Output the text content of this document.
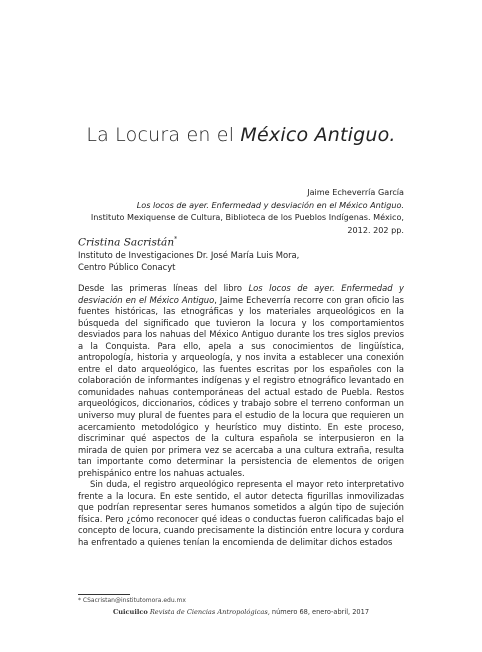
La Locura en el México Antiguo.
Jaime Echeverría García
Los locos de ayer. Enfermedad y desviación en el México Antiguo.
Instituto Mexiquense de Cultura, Biblioteca de los Pueblos Indígenas. México,
2012. 202 pp.
Cristina Sacristán*
Instituto de Investigaciones Dr. José María Luis Mora,
Centro Público Conacyt

Desde las primeras líneas del libro Los locos de ayer. Enfermedad y desviación en el México Antiguo, Jaime Echeverría recorre con gran oficio las fuentes históricas, las etnográficas y los materiales arqueológicos en la búsqueda del significado que tuvieron la locura y los comportamientos desviados para los nahuas del México Antiguo durante los tres siglos previos a la Conquista. Para ello, apela a sus conocimientos de lingüística, antropología, historia y arqueología, y nos invita a establecer una conexión entre el dato arqueológico, las fuentes escritas por los españoles con la colaboración de informantes indígenas y el registro etnográfico levantado en comunidades nahuas contemporáneas del actual estado de Puebla. Restos arqueológicos, diccionarios, códices y trabajo sobre el terreno conforman un universo muy plural de fuentes para el estudio de la locura que requieren un acercamiento metodológico y heurístico muy distinto. En este proceso, discriminar qué aspectos de la cultura española se interpusieron en la mirada de quien por primera vez se acercaba a una cultura extraña, resulta tan importante como determinar la persistencia de elementos de origen prehispánico entre los nahuas actuales.

Sin duda, el registro arqueológico representa el mayor reto interpretativo frente a la locura. En este sentido, el autor detecta figurillas inmovilizadas que podrían representar seres humanos sometidos a algún tipo de sujeción física. Pero ¿cómo reconocer qué ideas o conductas fueron calificadas bajo el concepto de locura, cuando precisamente la distinción entre locura y cordura ha enfrentado a quienes tenían la encomienda de delimitar dichos estados

* CSacristan@institutomora.edu.mx
Cuicuilco Revista de Ciencias Antropológicas, número 68, enero-abril, 2017
